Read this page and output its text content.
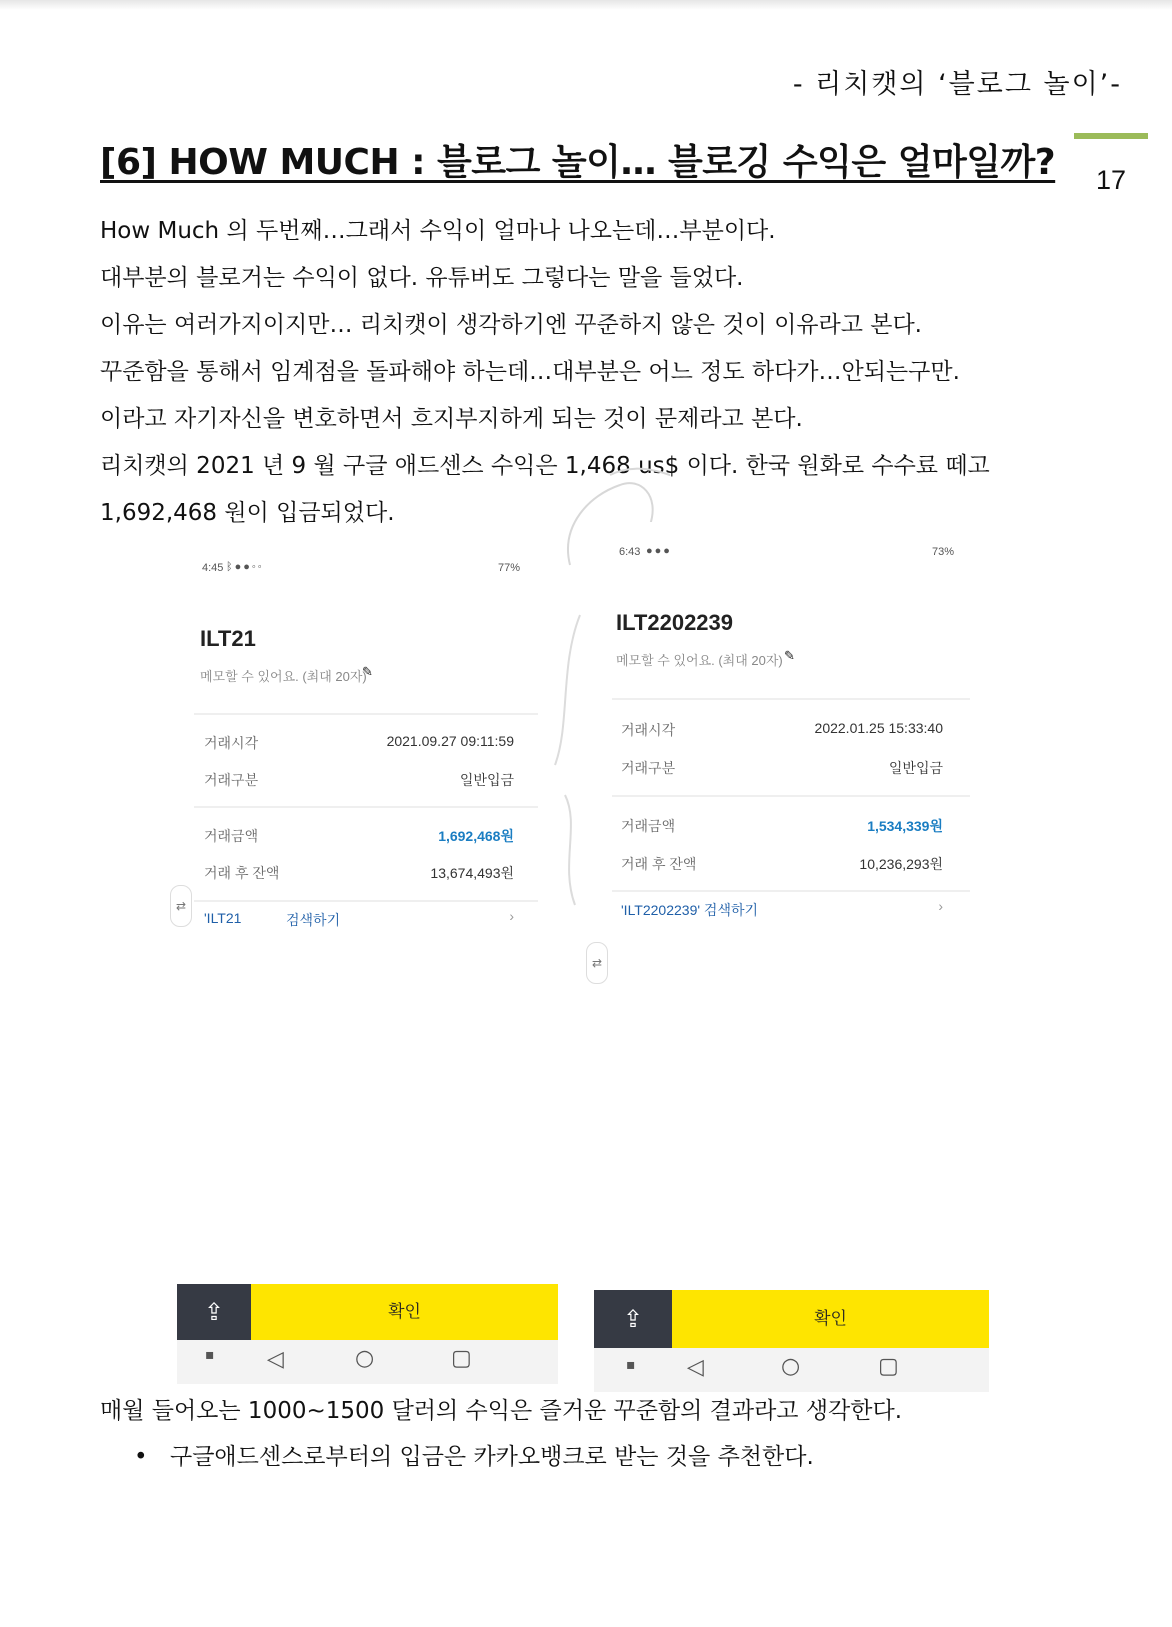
- 리치캣의 ‘블로그 놀이’-
17
[6] HOW MUCH : 블로그 놀이… 블로깅 수익은 얼마일까?

How Much 의 두번째…그래서 수익이 얼마나 나오는데…부분이다.

대부분의 블로거는 수익이 없다. 유튜버도 그렇다는 말을 들었다.

이유는 여러가지이지만… 리치캣이 생각하기엔 꾸준하지 않은 것이 이유라고 본다.

꾸준함을 통해서 임계점을 돌파해야 하는데…대부분은 어느 정도 하다가…안되는구만.

이라고 자기자신을 변호하면서 흐지부지하게 되는 것이 문제라고 본다.

리치캣의 2021 년 9 월 구글 애드센스 수익은 1,468 us$ 이다. 한국 원화로 수수료 떼고

1,692,468 원이 입금되었다.

4:45 ᛒ●●◦◦	77%
ILT21
메모할 수 있어요. (최대 20자)
✎
거래시각	2021.09.27 09:11:59
거래구분	일반입금
거래금액	1,692,468원
거래 후 잔액	13,674,493원
'ILT21	검색하기	›
⇄
6:43 ●●●	73%
ILT2202239
메모할 수 있어요. (최대 20자) ✎
거래시각	2022.01.25 15:33:40
거래구분	일반입금
거래금액	1,534,339원
거래 후 잔액	10,236,293원
'ILT2202239' 검색하기	›
⇄
⇪	확인
▪ ◁	○	▢
⇪	확인
▪ ◁	○	▢
매월 들어오는 1000~1500 달러의 수익은 즐거운 꾸준함의 결과라고 생각한다.
• 구글애드센스로부터의 입금은 카카오뱅크로 받는 것을 추천한다.
